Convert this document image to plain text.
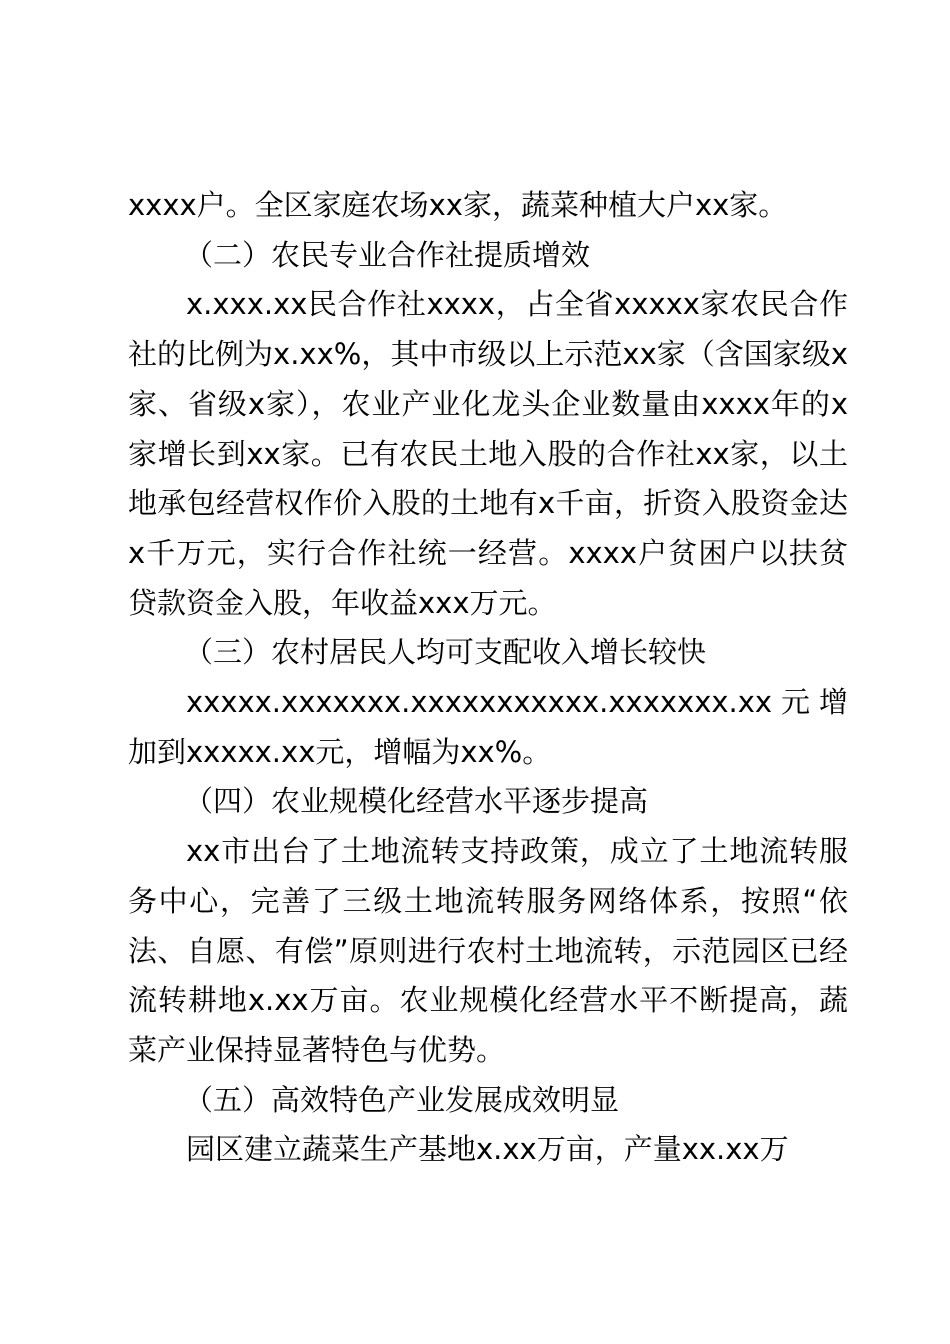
xxxx户。全区家庭农场xx家，蔬菜种植大户xx家。

（二）农民专业合作社提质增效

x.xxx.xx民合作社xxxx，占全省xxxxx家农民合作社的比例为x.xx%，其中市级以上示范xx家（含国家级x家、省级x家），农业产业化龙头企业数量由xxxx年的x家增长到xx家。已有农民土地入股的合作社xx家，以土地承包经营权作价入股的土地有x千亩，折资入股资金达x千万元，实行合作社统一经营。xxxx户贫困户以扶贫贷款资金入股，年收益xxx万元。

（三）农村居民人均可支配收入增长较快

xxxxx.xxxxxxx.xxxxxxxxxxx.xxxxxxx.xx元增加到xxxxx.xx元，增幅为xx%。

（四）农业规模化经营水平逐步提高

xx市出台了土地流转支持政策，成立了土地流转服务中心，完善了三级土地流转服务网络体系，按照“依法、自愿、有偿”原则进行农村土地流转，示范园区已经流转耕地x.xx万亩。农业规模化经营水平不断提高，蔬菜产业保持显著特色与优势。

（五）高效特色产业发展成效明显

园区建立蔬菜生产基地x.xx万亩，产量xx.xx万
